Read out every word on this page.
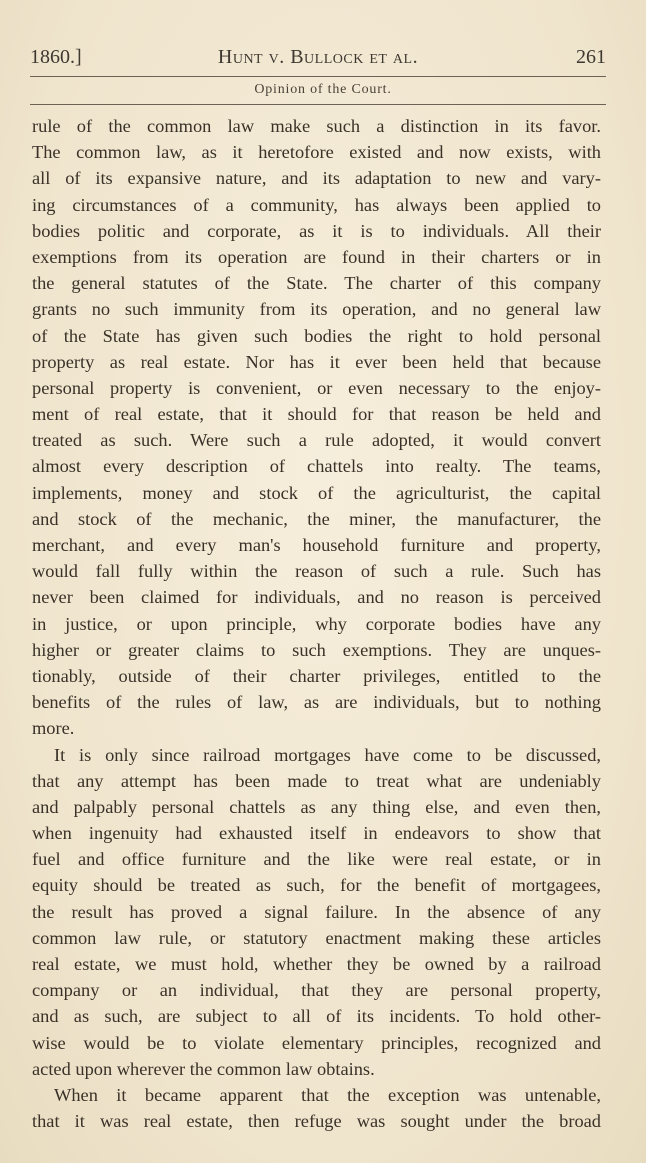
1860.]	Hunt v. Bullock et al.	261
Opinion of the Court.
rule of the common law make such a distinction in its favor.
The common law, as it heretofore existed and now exists, with
all of its expansive nature, and its adaptation to new and vary-
ing circumstances of a community, has always been applied to
bodies politic and corporate, as it is to individuals. All their
exemptions from its operation are found in their charters or in
the general statutes of the State. The charter of this company
grants no such immunity from its operation, and no general law
of the State has given such bodies the right to hold personal
property as real estate. Nor has it ever been held that because
personal property is convenient, or even necessary to the enjoy-
ment of real estate, that it should for that reason be held and
treated as such. Were such a rule adopted, it would convert
almost every description of chattels into realty. The teams,
implements, money and stock of the agriculturist, the capital
and stock of the mechanic, the miner, the manufacturer, the
merchant, and every man's household furniture and property,
would fall fully within the reason of such a rule. Such has
never been claimed for individuals, and no reason is perceived
in justice, or upon principle, why corporate bodies have any
higher or greater claims to such exemptions. They are unques-
tionably, outside of their charter privileges, entitled to the
benefits of the rules of law, as are individuals, but to nothing
more.
It is only since railroad mortgages have come to be discussed,
that any attempt has been made to treat what are undeniably
and palpably personal chattels as any thing else, and even then,
when ingenuity had exhausted itself in endeavors to show that
fuel and office furniture and the like were real estate, or in
equity should be treated as such, for the benefit of mortgagees,
the result has proved a signal failure. In the absence of any
common law rule, or statutory enactment making these articles
real estate, we must hold, whether they be owned by a railroad
company or an individual, that they are personal property,
and as such, are subject to all of its incidents. To hold other-
wise would be to violate elementary principles, recognized and
acted upon wherever the common law obtains.
When it became apparent that the exception was untenable,
that it was real estate, then refuge was sought under the broad
